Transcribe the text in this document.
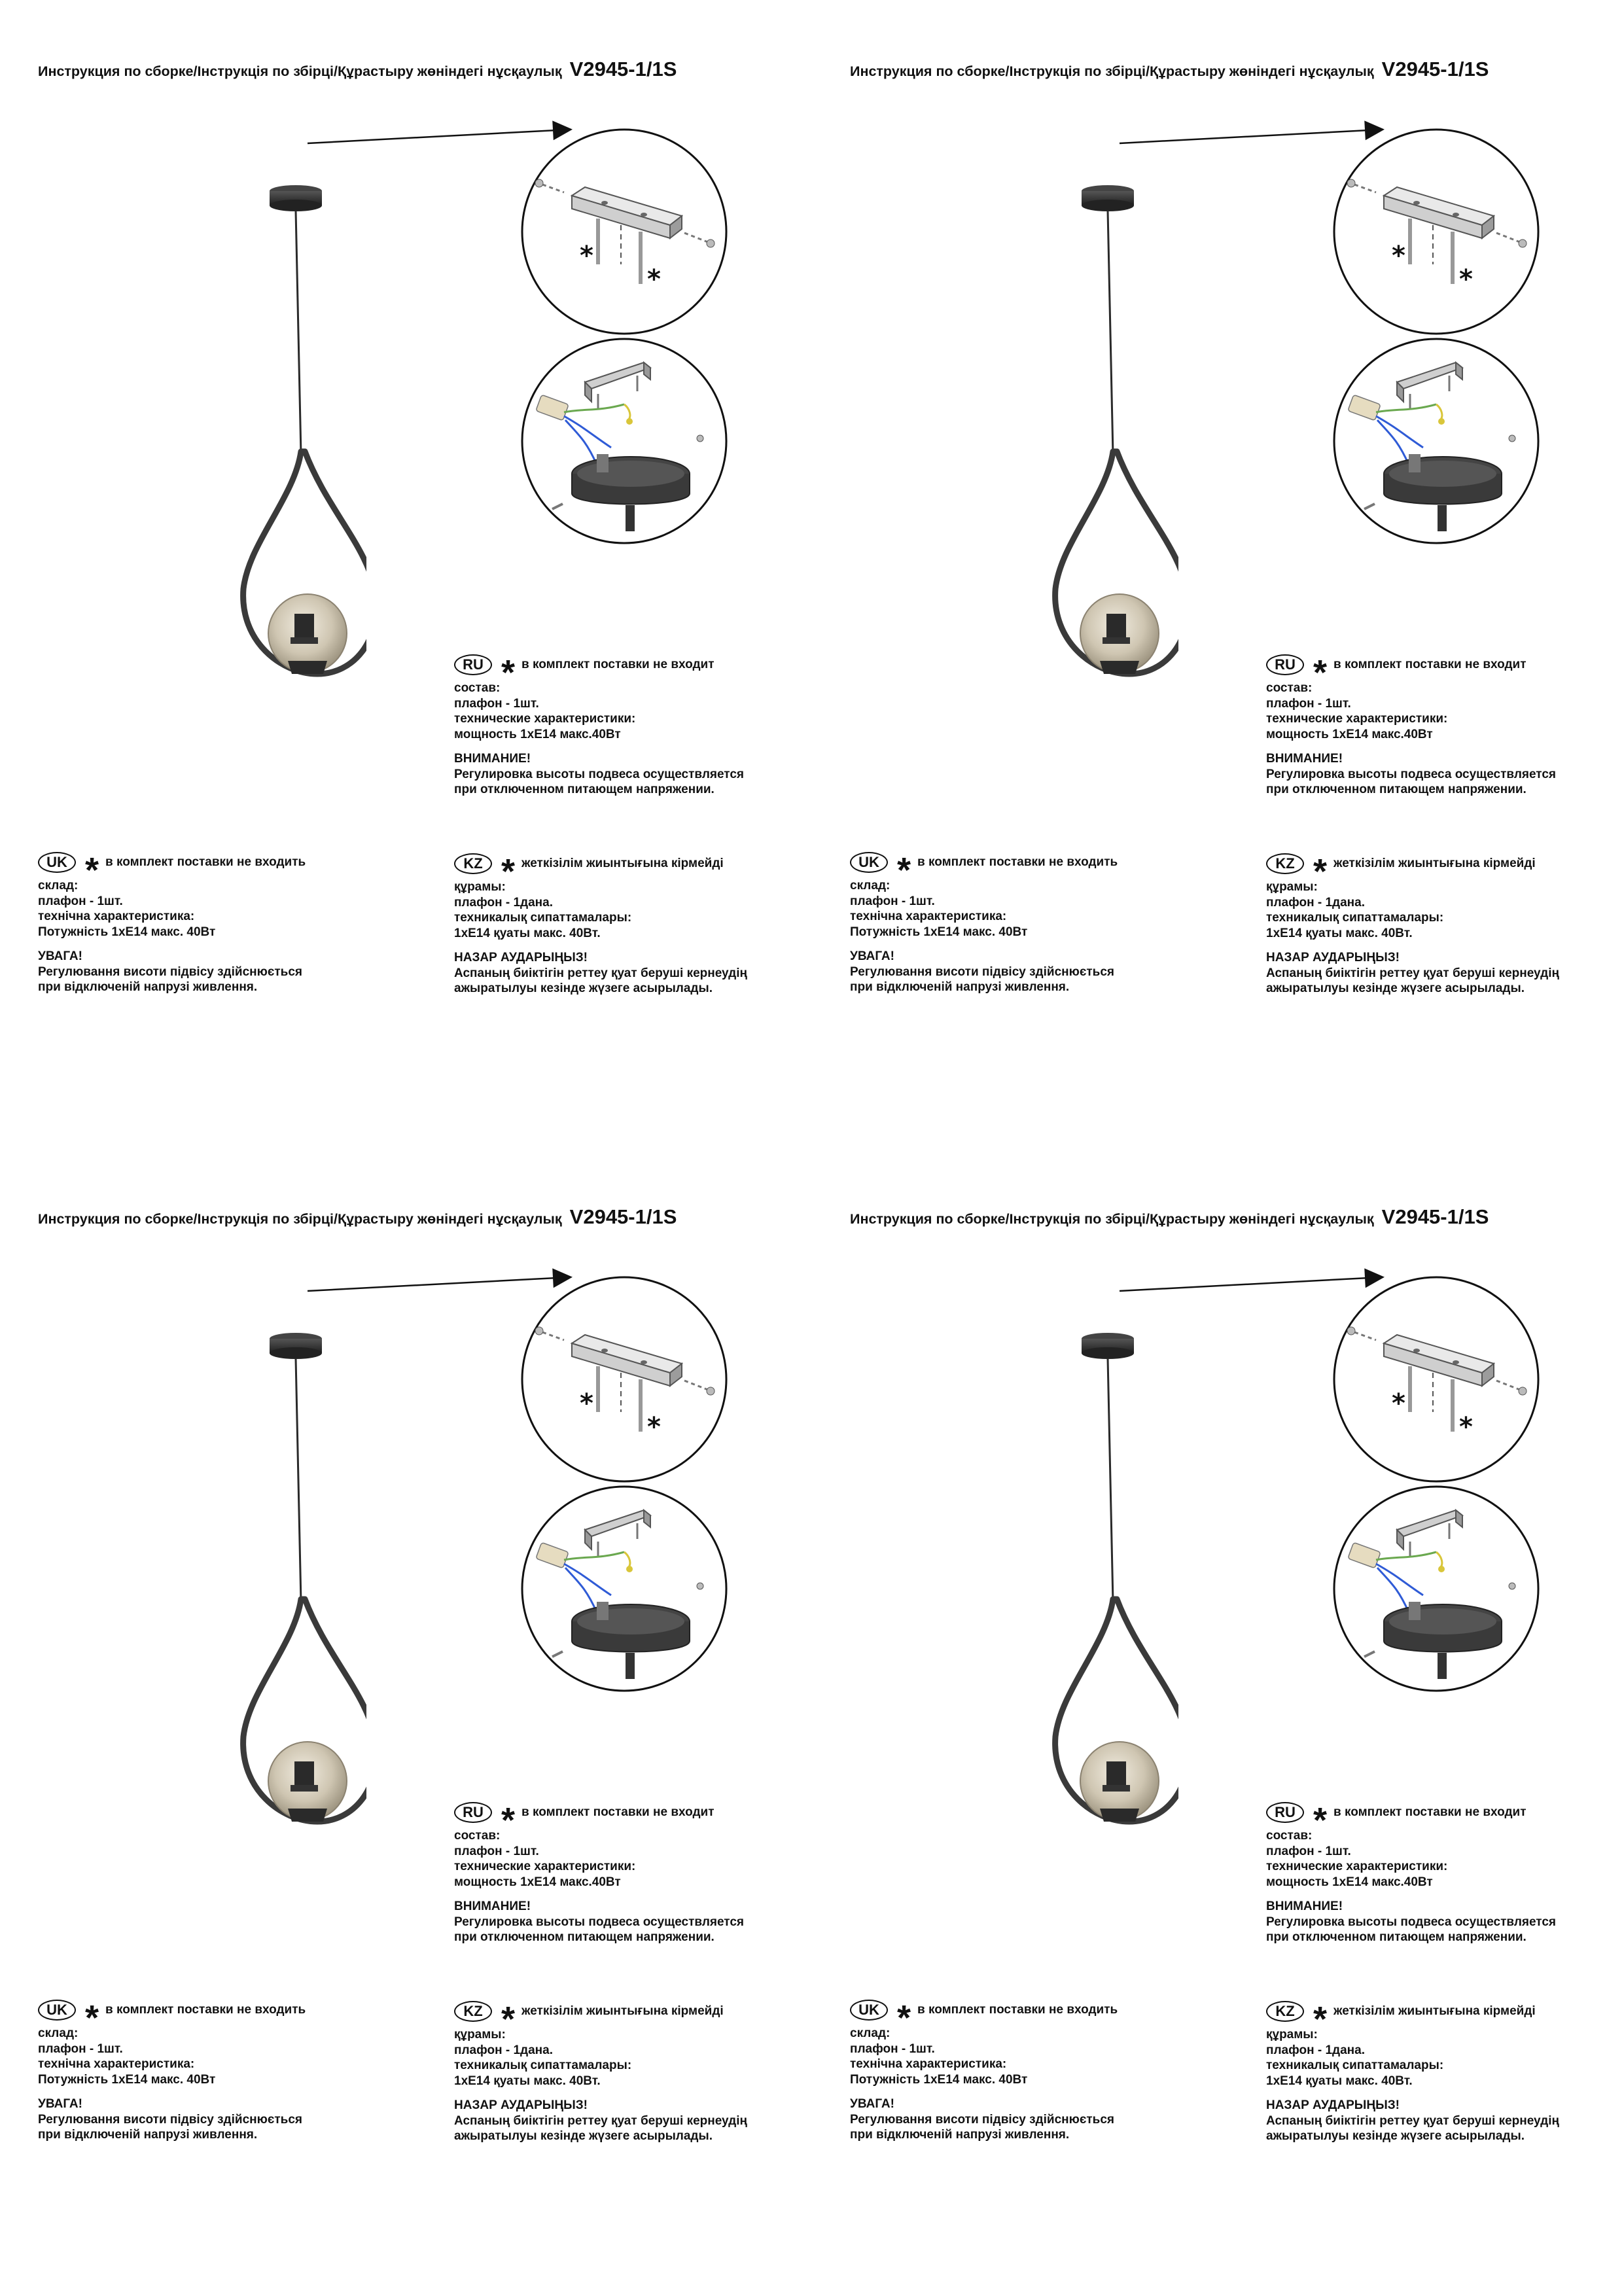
Инструкция по сборке/Інструкція по збірці/Құрастыру жөніндегі нұсқаулық V2945-1/1S
*
*
RU * в комплект поставки не входит
состав:
плафон - 1шт.
технические характеристики:
мощность 1хЕ14 макс.40Вт
ВНИМАНИЕ!
Регулировка высоты подвеса осуществляется
при отключенном питающем напряжении.
UK * в комплект поставки не входить
склад:
плафон - 1шт.
технічна характеристика:
Потужність 1хЕ14 макс. 40Вт
УВАГА!
Регулювання висоти підвісу здійснюється
при відключеній напрузі живлення.
KZ * жеткізілім жиынтығына кірмейді
құрамы:
плафон - 1дана.
техникалық сипаттамалары:
1хЕ14 қуаты макс. 40Вт.
НАЗАР АУДАРЫҢЫЗ!
Аспаның биіктігін реттеу қуат беруші кернеудің
ажыратылуы кезінде жүзеге асырылады.
Инструкция по сборке/Інструкція по збірці/Құрастыру жөніндегі нұсқаулық V2945-1/1S
*
*
RU * в комплект поставки не входит
состав:
плафон - 1шт.
технические характеристики:
мощность 1хЕ14 макс.40Вт
ВНИМАНИЕ!
Регулировка высоты подвеса осуществляется
при отключенном питающем напряжении.
UK * в комплект поставки не входить
склад:
плафон - 1шт.
технічна характеристика:
Потужність 1хЕ14 макс. 40Вт
УВАГА!
Регулювання висоти підвісу здійснюється
при відключеній напрузі живлення.
KZ * жеткізілім жиынтығына кірмейді
құрамы:
плафон - 1дана.
техникалық сипаттамалары:
1хЕ14 қуаты макс. 40Вт.
НАЗАР АУДАРЫҢЫЗ!
Аспаның биіктігін реттеу қуат беруші кернеудің
ажыратылуы кезінде жүзеге асырылады.
Инструкция по сборке/Інструкція по збірці/Құрастыру жөніндегі нұсқаулық V2945-1/1S
*
*
RU * в комплект поставки не входит
состав:
плафон - 1шт.
технические характеристики:
мощность 1хЕ14 макс.40Вт
ВНИМАНИЕ!
Регулировка высоты подвеса осуществляется
при отключенном питающем напряжении.
UK * в комплект поставки не входить
склад:
плафон - 1шт.
технічна характеристика:
Потужність 1хЕ14 макс. 40Вт
УВАГА!
Регулювання висоти підвісу здійснюється
при відключеній напрузі живлення.
KZ * жеткізілім жиынтығына кірмейді
құрамы:
плафон - 1дана.
техникалық сипаттамалары:
1хЕ14 қуаты макс. 40Вт.
НАЗАР АУДАРЫҢЫЗ!
Аспаның биіктігін реттеу қуат беруші кернеудің
ажыратылуы кезінде жүзеге асырылады.
Инструкция по сборке/Інструкція по збірці/Құрастыру жөніндегі нұсқаулық V2945-1/1S
*
*
RU * в комплект поставки не входит
состав:
плафон - 1шт.
технические характеристики:
мощность 1хЕ14 макс.40Вт
ВНИМАНИЕ!
Регулировка высоты подвеса осуществляется
при отключенном питающем напряжении.
UK * в комплект поставки не входить
склад:
плафон - 1шт.
технічна характеристика:
Потужність 1хЕ14 макс. 40Вт
УВАГА!
Регулювання висоти підвісу здійснюється
при відключеній напрузі живлення.
KZ * жеткізілім жиынтығына кірмейді
құрамы:
плафон - 1дана.
техникалық сипаттамалары:
1хЕ14 қуаты макс. 40Вт.
НАЗАР АУДАРЫҢЫЗ!
Аспаның биіктігін реттеу қуат беруші кернеудің
ажыратылуы кезінде жүзеге асырылады.
